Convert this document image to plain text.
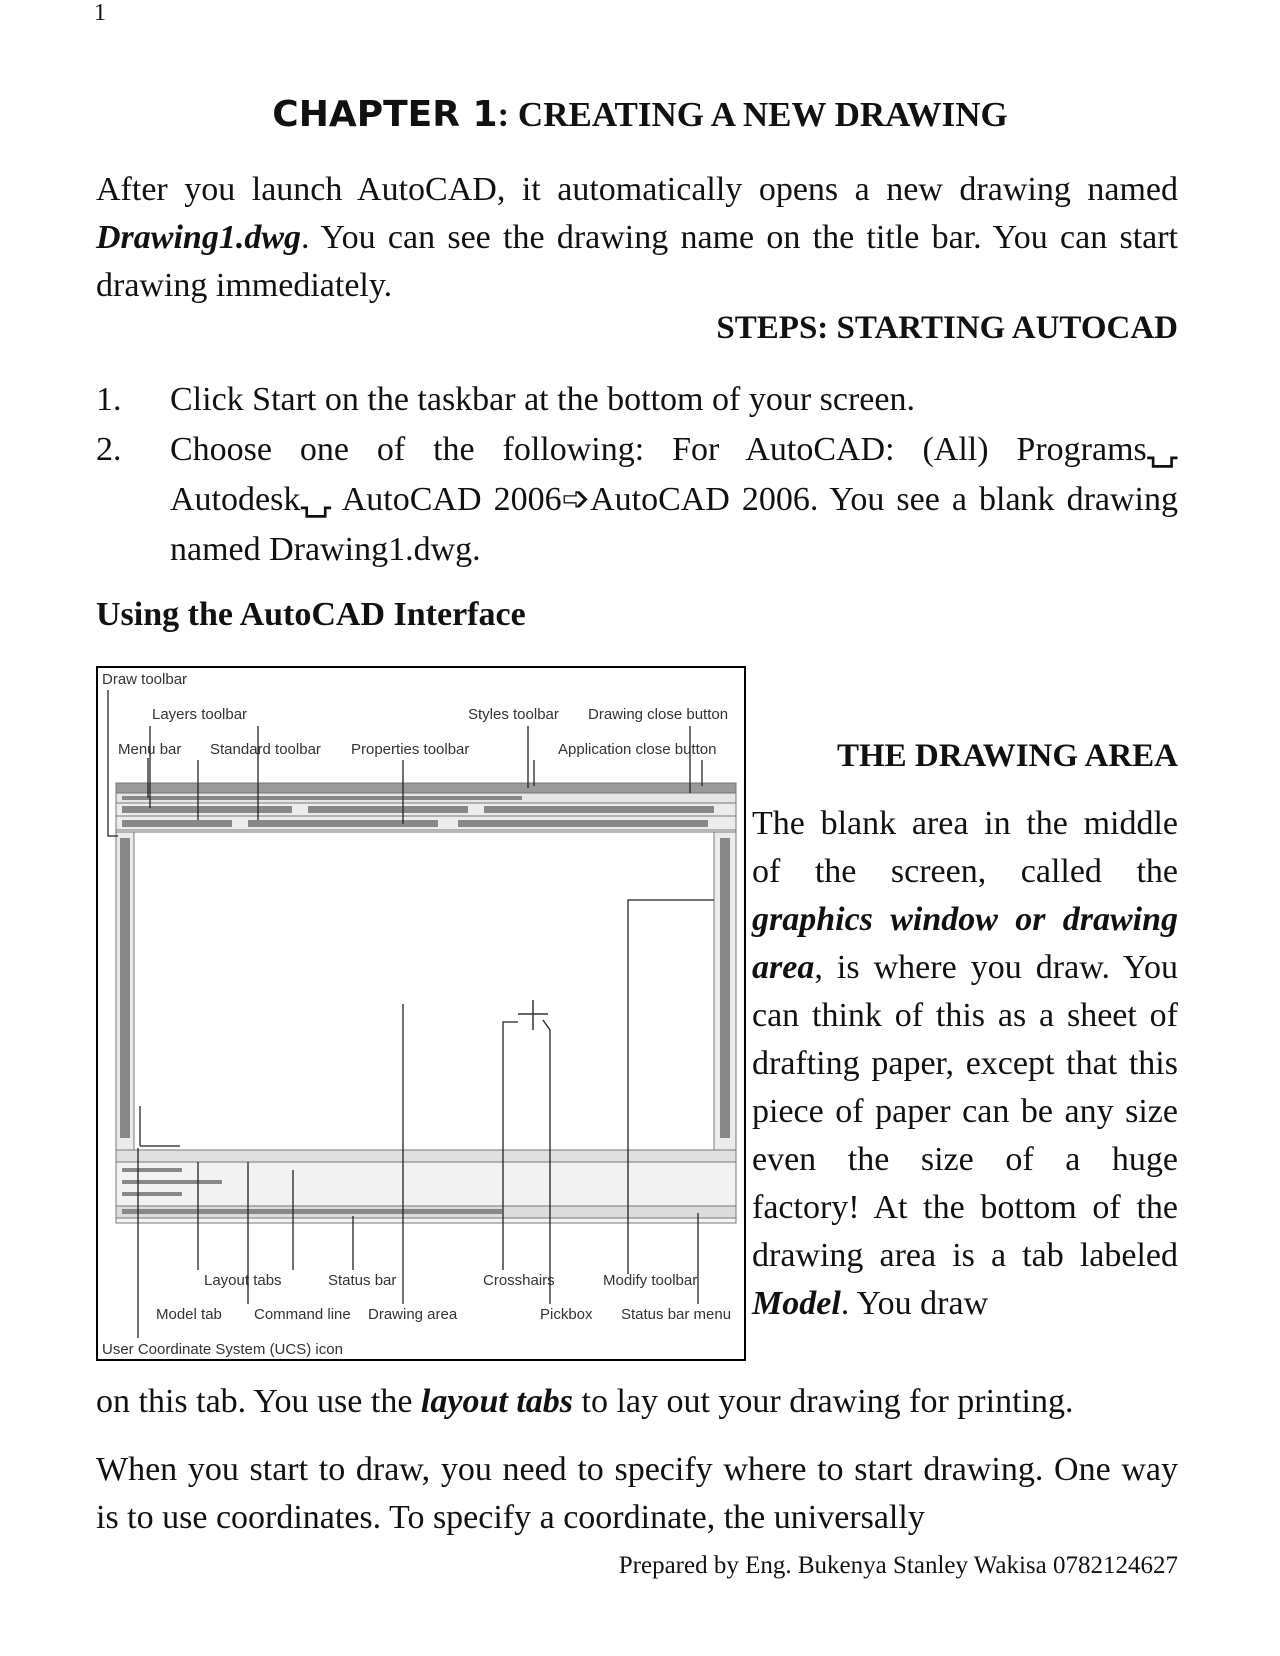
1
CHAPTER 1: CREATING A NEW DRAWING

After you launch AutoCAD, it automatically opens a new drawing named Drawing1.dwg. You can see the drawing name on the title bar. You can start drawing immediately.

STEPS: STARTING AUTOCAD
1. Click Start on the taskbar at the bottom of your screen.
2. Choose one of the following: For AutoCAD: (All) Programs⍽ Autodesk⍽ AutoCAD 2006➩AutoCAD 2006. You see a blank drawing named Drawing1.dwg.
Using the AutoCAD Interface
Draw toolbar
Layers toolbar	Styles toolbar Drawing close button
Menu bar Standard toolbar Properties toolbar	Application close button
Layout tabs	Status bar	Crosshairs	Modify toolbar
Model tab Command line Drawing area	Pickbox Status bar menu
User Coordinate System (UCS) icon
THE DRAWING AREA

The blank area in the middle of the screen, called the graphics window or drawing area, is where you draw. You can think of this as a sheet of drafting paper, except that this piece of paper can be any size even the size of a huge factory! At the bottom of the drawing area is a tab labeled Model. You draw

on this tab. You use the layout tabs to lay out your drawing for printing.

When you start to draw, you need to specify where to start drawing. One way is to use coordinates. To specify a coordinate, the universally

Prepared by Eng. Bukenya Stanley Wakisa 0782124627
